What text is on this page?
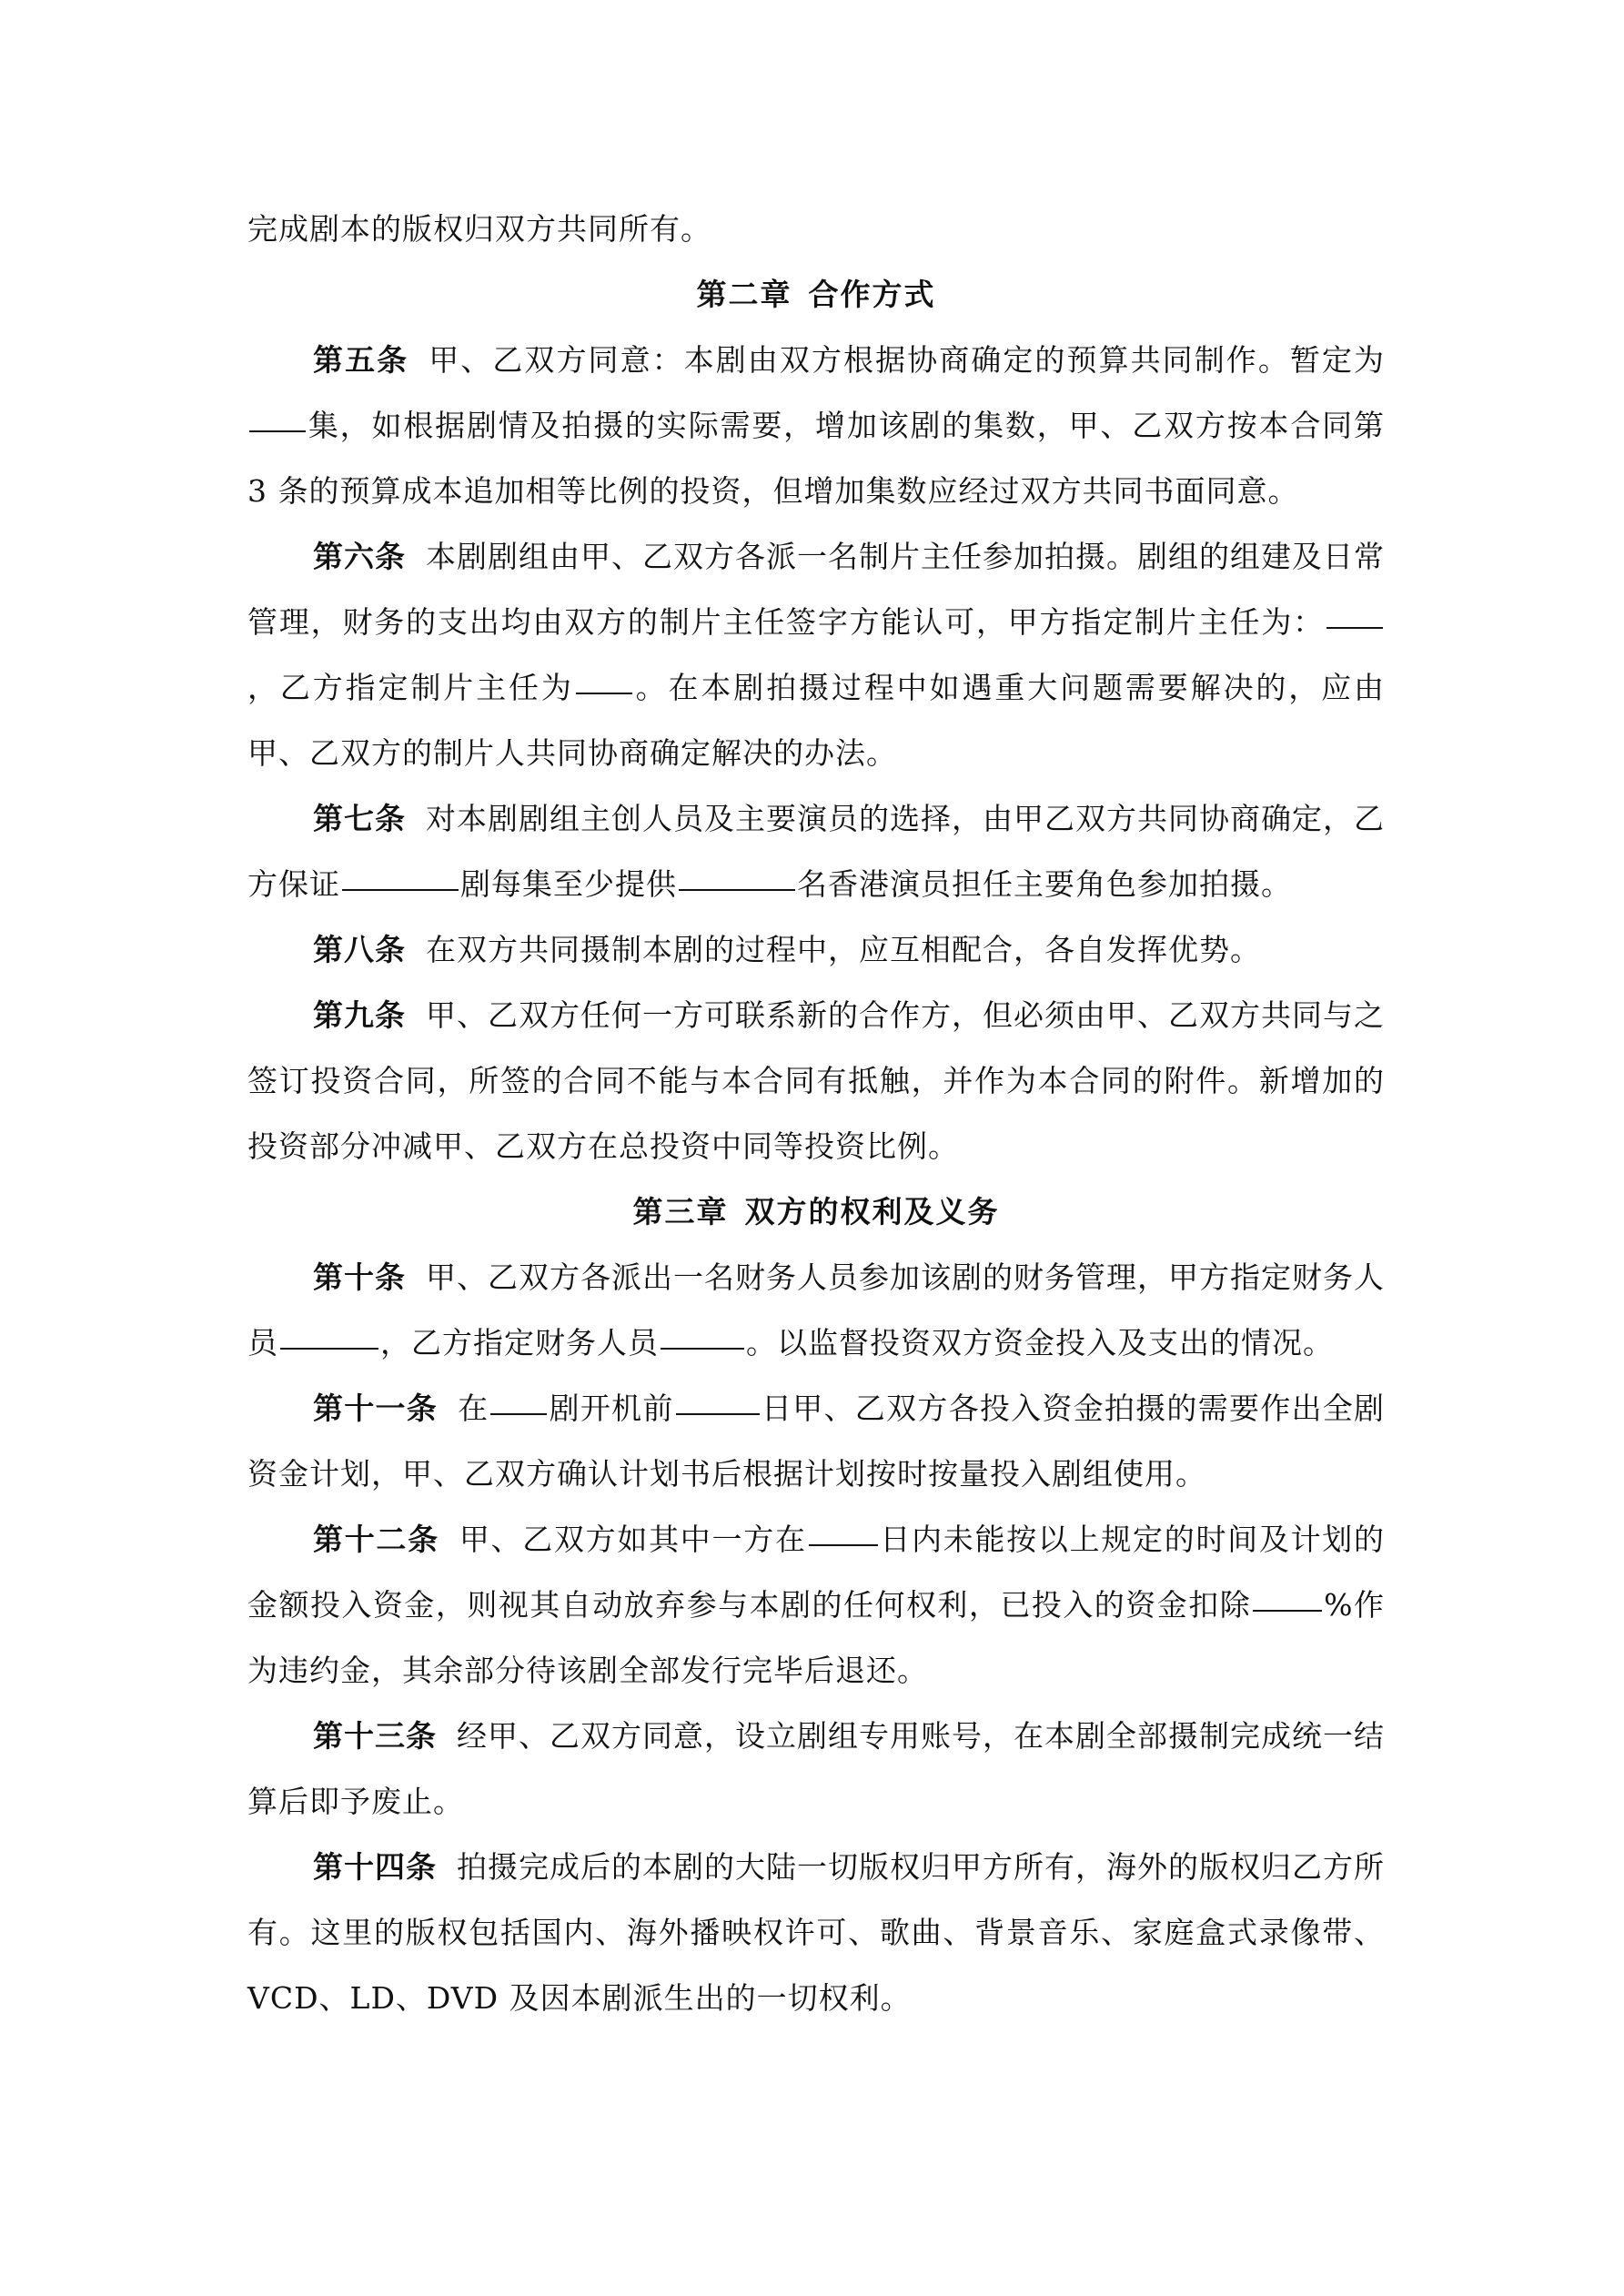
完成剧本的版权归双方共同所有。

第二章 合作方式

第五条 甲、乙双方同意：本剧由双方根据协商确定的预算共同制作。暂定为集，如根据剧情及拍摄的实际需要，增加该剧的集数，甲、乙双方按本合同第 3 条的预算成本追加相等比例的投资，但增加集数应经过双方共同书面同意。

第六条 本剧剧组由甲、乙双方各派一名制片主任参加拍摄。剧组的组建及日常管理，财务的支出均由双方的制片主任签字方能认可，甲方指定制片主任为：，乙方指定制片主任为 。在本剧拍摄过程中如遇重大问题需要解决的，应由甲、乙双方的制片人共同协商确定解决的办法。

第七条 对本剧剧组主创人员及主要演员的选择，由甲乙双方共同协商确定，乙方保证	剧每集至少提供	名香港演员担任主要角色参加拍摄。

第八条 在双方共同摄制本剧的过程中，应互相配合，各自发挥优势。

第九条 甲、乙双方任何一方可联系新的合作方，但必须由甲、乙双方共同与之签订投资合同，所签的合同不能与本合同有抵触，并作为本合同的附件。新增加的投资部分冲减甲、乙双方在总投资中同等投资比例。

第三章 双方的权利及义务

第十条 甲、乙双方各派出一名财务人员参加该剧的财务管理，甲方指定财务人员	，乙方指定财务人员	。以监督投资双方资金投入及支出的情况。

第十一条 在 剧开机前	日甲、乙双方各投入资金拍摄的需要作出全剧资金计划，甲、乙双方确认计划书后根据计划按时按量投入剧组使用。

第十二条 甲、乙双方如其中一方在 日内未能按以上规定的时间及计划的金额投入资金，则视其自动放弃参与本剧的任何权利，已投入的资金扣除 %作为违约金，其余部分待该剧全部发行完毕后退还。

第十三条 经甲、乙双方同意，设立剧组专用账号，在本剧全部摄制完成统一结算后即予废止。

第十四条 拍摄完成后的本剧的大陆一切版权归甲方所有，海外的版权归乙方所有。这里的版权包括国内、海外播映权许可、歌曲、背景音乐、家庭盒式录像带、VCD、LD、DVD 及因本剧派生出的一切权利。
